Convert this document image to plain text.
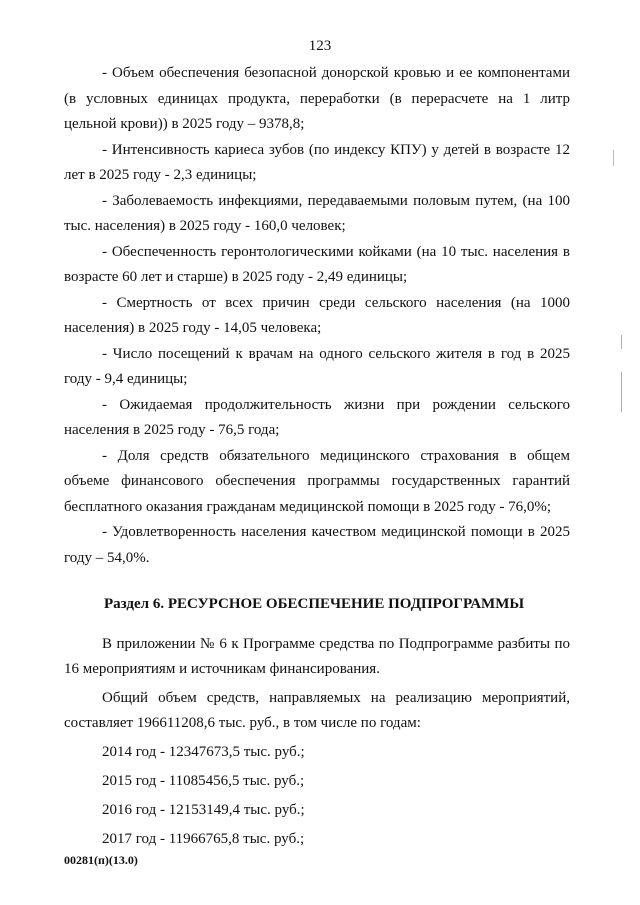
123

- Объем обеспечения безопасной донорской кровью и ее компонентами (в условных единицах продукта, переработки (в перерасчете на 1 литр цельной крови)) в 2025 году – 9378,8;

- Интенсивность кариеса зубов (по индексу КПУ) у детей в возрасте 12 лет в 2025 году - 2,3 единицы;

- Заболеваемость инфекциями, передаваемыми половым путем, (на 100 тыс. населения) в 2025 году - 160,0 человек;

- Обеспеченность геронтологическими койками (на 10 тыс. населения в возрасте 60 лет и старше) в 2025 году - 2,49 единицы;

- Смертность от всех причин среди сельского населения (на 1000 населения) в 2025 году - 14,05 человека;

- Число посещений к врачам на одного сельского жителя в год в 2025 году - 9,4 единицы;

- Ожидаемая продолжительность жизни при рождении сельского населения в 2025 году - 76,5 года;

- Доля средств обязательного медицинского страхования в общем объеме финансового обеспечения программы государственных гарантий бесплатного оказания гражданам медицинской помощи в 2025 году - 76,0%;

- Удовлетворенность населения качеством медицинской помощи в 2025 году – 54,0%.

Раздел 6. РЕСУРСНОЕ ОБЕСПЕЧЕНИЕ ПОДПРОГРАММЫ

В приложении № 6 к Программе средства по Подпрограмме разбиты по 16 мероприятиям и источникам финансирования.

Общий объем средств, направляемых на реализацию мероприятий, составляет 196611208,6 тыс. руб., в том числе по годам:

2014 год - 12347673,5 тыс. руб.;

2015 год - 11085456,5 тыс. руб.;

2016 год - 12153149,4 тыс. руб.;

2017 год - 11966765,8 тыс. руб.;

00281(п)(13.0)
